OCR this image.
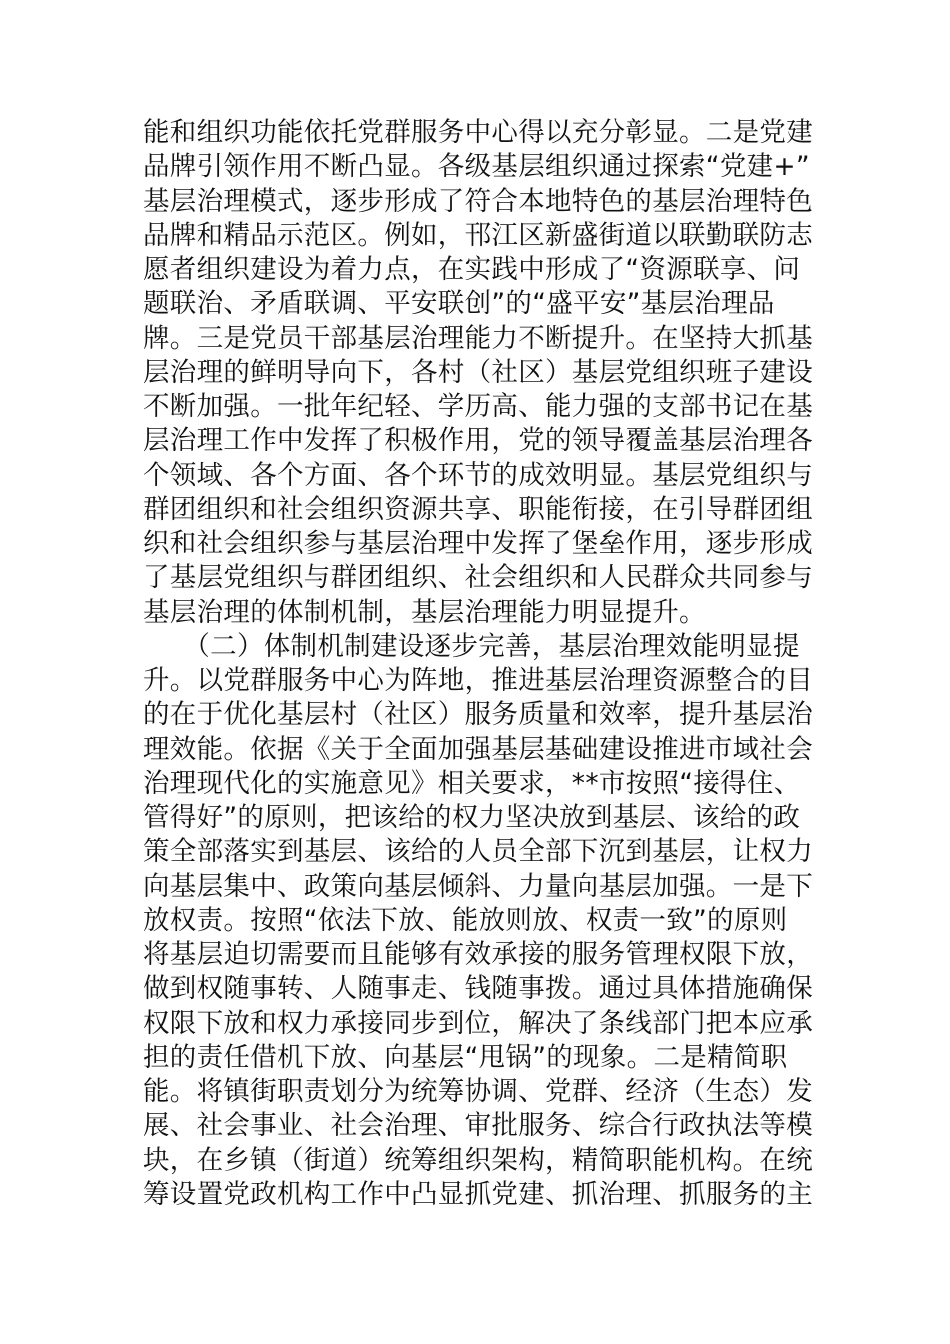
能和组织功能依托党群服务中心得以充分彰显。二是党建
品牌引领作用不断凸显。各级基层组织通过探索“党建+”
基层治理模式，逐步形成了符合本地特色的基层治理特色
品牌和精品示范区。例如，邗江区新盛街道以联勤联防志
愿者组织建设为着力点，在实践中形成了“资源联享、问
题联治、矛盾联调、平安联创”的“盛平安”基层治理品
牌。三是党员干部基层治理能力不断提升。在坚持大抓基
层治理的鲜明导向下，各村（社区）基层党组织班子建设
不断加强。一批年纪轻、学历高、能力强的支部书记在基
层治理工作中发挥了积极作用，党的领导覆盖基层治理各
个领域、各个方面、各个环节的成效明显。基层党组织与
群团组织和社会组织资源共享、职能衔接，在引导群团组
织和社会组织参与基层治理中发挥了堡垒作用，逐步形成
了基层党组织与群团组织、社会组织和人民群众共同参与
基层治理的体制机制，基层治理能力明显提升。
　　（二）体制机制建设逐步完善，基层治理效能明显提
升。以党群服务中心为阵地，推进基层治理资源整合的目
的在于优化基层村（社区）服务质量和效率，提升基层治
理效能。依据《关于全面加强基层基础建设推进市域社会
治理现代化的实施意见》相关要求，**市按照“接得住、
管得好”的原则，把该给的权力坚决放到基层、该给的政
策全部落实到基层、该给的人员全部下沉到基层，让权力
向基层集中、政策向基层倾斜、力量向基层加强。一是下
放权责。按照“依法下放、能放则放、权责一致”的原则
将基层迫切需要而且能够有效承接的服务管理权限下放，
做到权随事转、人随事走、钱随事拨。通过具体措施确保
权限下放和权力承接同步到位，解决了条线部门把本应承
担的责任借机下放、向基层“甩锅”的现象。二是精简职
能。将镇街职责划分为统筹协调、党群、经济（生态）发
展、社会事业、社会治理、审批服务、综合行政执法等模
块，在乡镇（街道）统筹组织架构，精简职能机构。在统
筹设置党政机构工作中凸显抓党建、抓治理、抓服务的主
